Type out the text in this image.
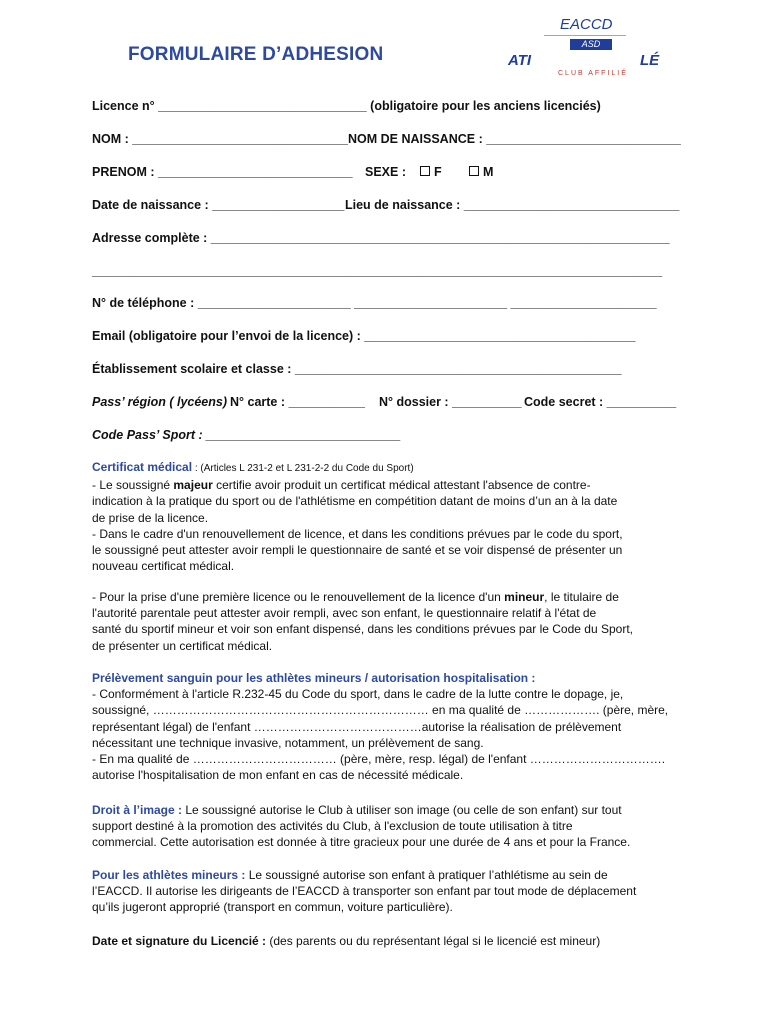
FORMULAIRE D’ADHESION
EACCD
ASD
ATI	LÉ
CLUB AFFILIÉ
Licence n° ______________________________ (obligatoire pour les anciens licenciés)
NOM : _______________________________ NOM DE NAISSANCE : ____________________________
PRENOM : ____________________________ SEXE :	F	M
Date de naissance : ___________________ Lieu de naissance : _______________________________
Adresse complète : __________________________________________________________________
__________________________________________________________________________________
N° de téléphone : ______________________ ______________________ _____________________
Email (obligatoire pour l’envoi de la licence) : _______________________________________
Établissement scolaire et classe : _______________________________________________
Pass’ région ( lycéens) N° carte : ___________ N° dossier : __________ Code secret : __________
Code Pass’ Sport : ____________________________

Certificat médical : (Articles L 231-2 et L 231-2-2 du Code du Sport)

- Le soussigné majeur certifie avoir produit un certificat médical attestant l'absence de contre-

indication à la pratique du sport ou de l'athlétisme en compétition datant de moins d’un an à la date

de prise de la licence.

- Dans le cadre d'un renouvellement de licence, et dans les conditions prévues par le code du sport,

le soussigné peut attester avoir rempli le questionnaire de santé et se voir dispensé de présenter un

nouveau certificat médical.

- Pour la prise d'une première licence ou le renouvellement de la licence d'un mineur, le titulaire de

l'autorité parentale peut attester avoir rempli, avec son enfant, le questionnaire relatif à l'état de

santé du sportif mineur et voir son enfant dispensé, dans les conditions prévues par le Code du Sport,

de présenter un certificat médical.

Prélèvement sanguin pour les athlètes mineurs / autorisation hospitalisation :

- Conformément à l'article R.232-45 du Code du sport, dans le cadre de la lutte contre le dopage, je,

soussigné, …………………………………………………………… en ma qualité de ………………. (père, mère,

représentant légal) de l'enfant ……………………………………autorise la réalisation de prélèvement

nécessitant une technique invasive, notamment, un prélèvement de sang.

- En ma qualité de ……………………………… (père, mère, resp. légal) de l'enfant …………………………….

autorise l'hospitalisation de mon enfant en cas de nécessité médicale.

Droit à l’image : Le soussigné autorise le Club à utiliser son image (ou celle de son enfant) sur tout

support destiné à la promotion des activités du Club, à l'exclusion de toute utilisation à titre

commercial. Cette autorisation est donnée à titre gracieux pour une durée de 4 ans et pour la France.

Pour les athlètes mineurs : Le soussigné autorise son enfant à pratiquer l’athlétisme au sein de

l’EACCD. Il autorise les dirigeants de l’EACCD à transporter son enfant par tout mode de déplacement

qu’ils jugeront approprié (transport en commun, voiture particulière).

Date et signature du Licencié : (des parents ou du représentant légal si le licencié est mineur)
